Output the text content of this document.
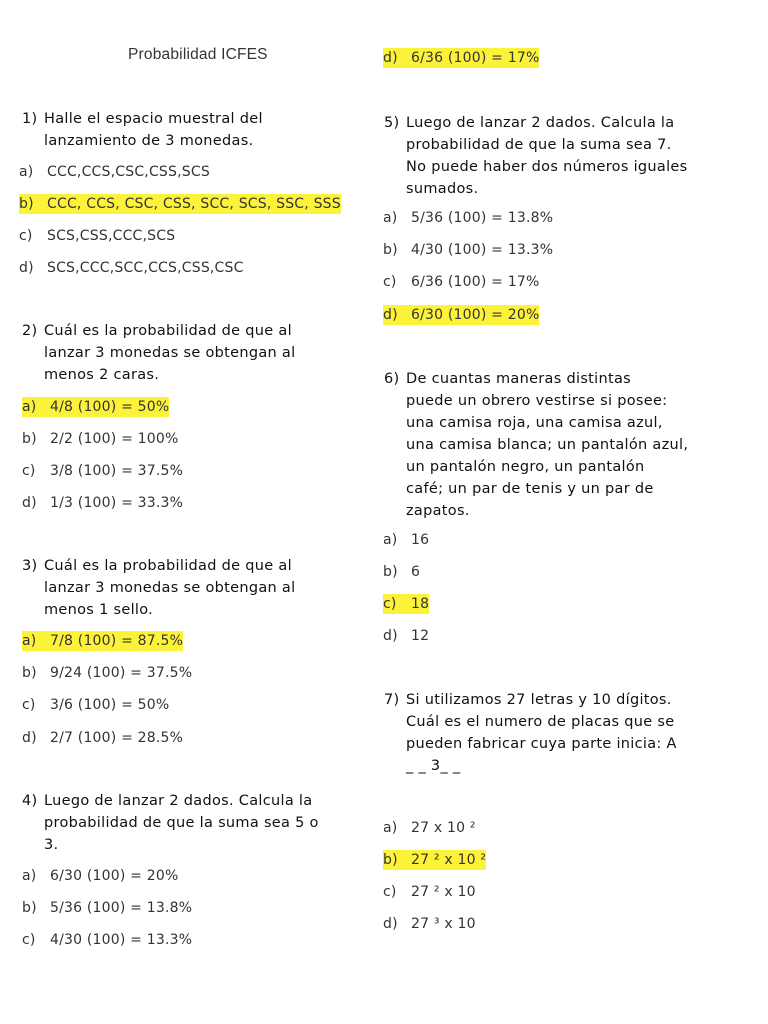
Probabilidad ICFES
1) Halle el espacio muestral del
lanzamiento de 3 monedas.
a) CCC,CCS,CSC,CSS,SCS
b) CCC, CCS, CSC, CSS, SCC, SCS, SSC, SSS
c) SCS,CSS,CCC,SCS
d) SCS,CCC,SCC,CCS,CSS,CSC
2) Cuál es la probabilidad de que al
lanzar 3 monedas se obtengan al
menos 2 caras.
a) 4/8 (100) = 50%
b) 2/2 (100) = 100%
c) 3/8 (100) = 37.5%
d) 1/3 (100) = 33.3%
3) Cuál es la probabilidad de que al
lanzar 3 monedas se obtengan al
menos 1 sello.
a) 7/8 (100) = 87.5%
b) 9/24 (100) = 37.5%
c) 3/6 (100) = 50%
d) 2/7 (100) = 28.5%
4) Luego de lanzar 2 dados. Calcula la
probabilidad de que la suma sea 5 o
3.
a) 6/30 (100) = 20%
b) 5/36 (100) = 13.8%
c) 4/30 (100) = 13.3%
d) 6/36 (100) = 17%
5) Luego de lanzar 2 dados. Calcula la
probabilidad de que la suma sea 7.
No puede haber dos números iguales
sumados.
a) 5/36 (100) = 13.8%
b) 4/30 (100) = 13.3%
c) 6/36 (100) = 17%
d) 6/30 (100) = 20%
6) De cuantas maneras distintas
puede un obrero vestirse si posee:
una camisa roja, una camisa azul,
una camisa blanca; un pantalón azul,
un pantalón negro, un pantalón
café; un par de tenis y un par de
zapatos.
a) 16
b) 6
c) 18
d) 12
7) Si utilizamos 27 letras y 10 dígitos.
Cuál es el numero de placas que se
pueden fabricar cuya parte inicia: A
_ _ 3_ _
a) 27 x 10 ²
b) 27 ² x 10 ²
c) 27 ² x 10
d) 27 ³ x 10
